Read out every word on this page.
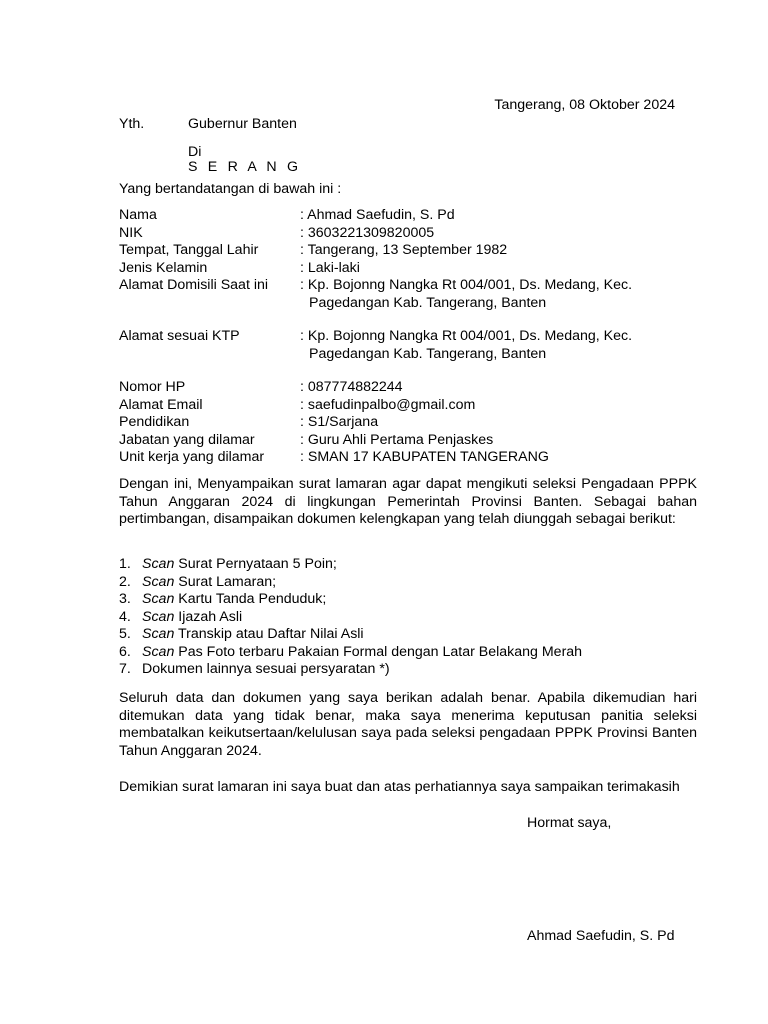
Tangerang, 08 Oktober 2024
Yth.	Gubernur Banten
Di
S E R A N G
Yang bertandatangan di bawah ini :
Nama	: Ahmad Saefudin, S. Pd
NIK	: 3603221309820005
Tempat, Tanggal Lahir	: Tangerang, 13 September 1982
Jenis Kelamin	: Laki-laki
Alamat Domisili Saat ini : Kp. Bojonng Nangka Rt 004/001, Ds. Medang, Kec.
Pagedangan Kab. Tangerang, Banten
Alamat sesuai KTP	: Kp. Bojonng Nangka Rt 004/001, Ds. Medang, Kec.
Pagedangan Kab. Tangerang, Banten
Nomor HP	: 087774882244
Alamat Email	: saefudinpalbo@gmail.com
Pendidikan	: S1/Sarjana
Jabatan yang dilamar	: Guru Ahli Pertama Penjaskes
Unit kerja yang dilamar	: SMAN 17 KABUPATEN TANGERANG
Dengan ini, Menyampaikan surat lamaran agar dapat mengikuti seleksi Pengadaan PPPK Tahun Anggaran 2024 di lingkungan Pemerintah Provinsi Banten. Sebagai bahan pertimbangan, disampaikan dokumen kelengkapan yang telah diunggah sebagai berikut:
1. Scan Surat Pernyataan 5 Poin;
2. Scan Surat Lamaran;
3. Scan Kartu Tanda Penduduk;
4. Scan Ijazah Asli
5. Scan Transkip atau Daftar Nilai Asli
6. Scan Pas Foto terbaru Pakaian Formal dengan Latar Belakang Merah
7. Dokumen lainnya sesuai persyaratan *)
Seluruh data dan dokumen yang saya berikan adalah benar. Apabila dikemudian hari ditemukan data yang tidak benar, maka saya menerima keputusan panitia seleksi membatalkan keikutsertaan/kelulusan saya pada seleksi pengadaan PPPK Provinsi Banten Tahun Anggaran 2024.
Demikian surat lamaran ini saya buat dan atas perhatiannya saya sampaikan terimakasih
Hormat saya,
Ahmad Saefudin, S. Pd
